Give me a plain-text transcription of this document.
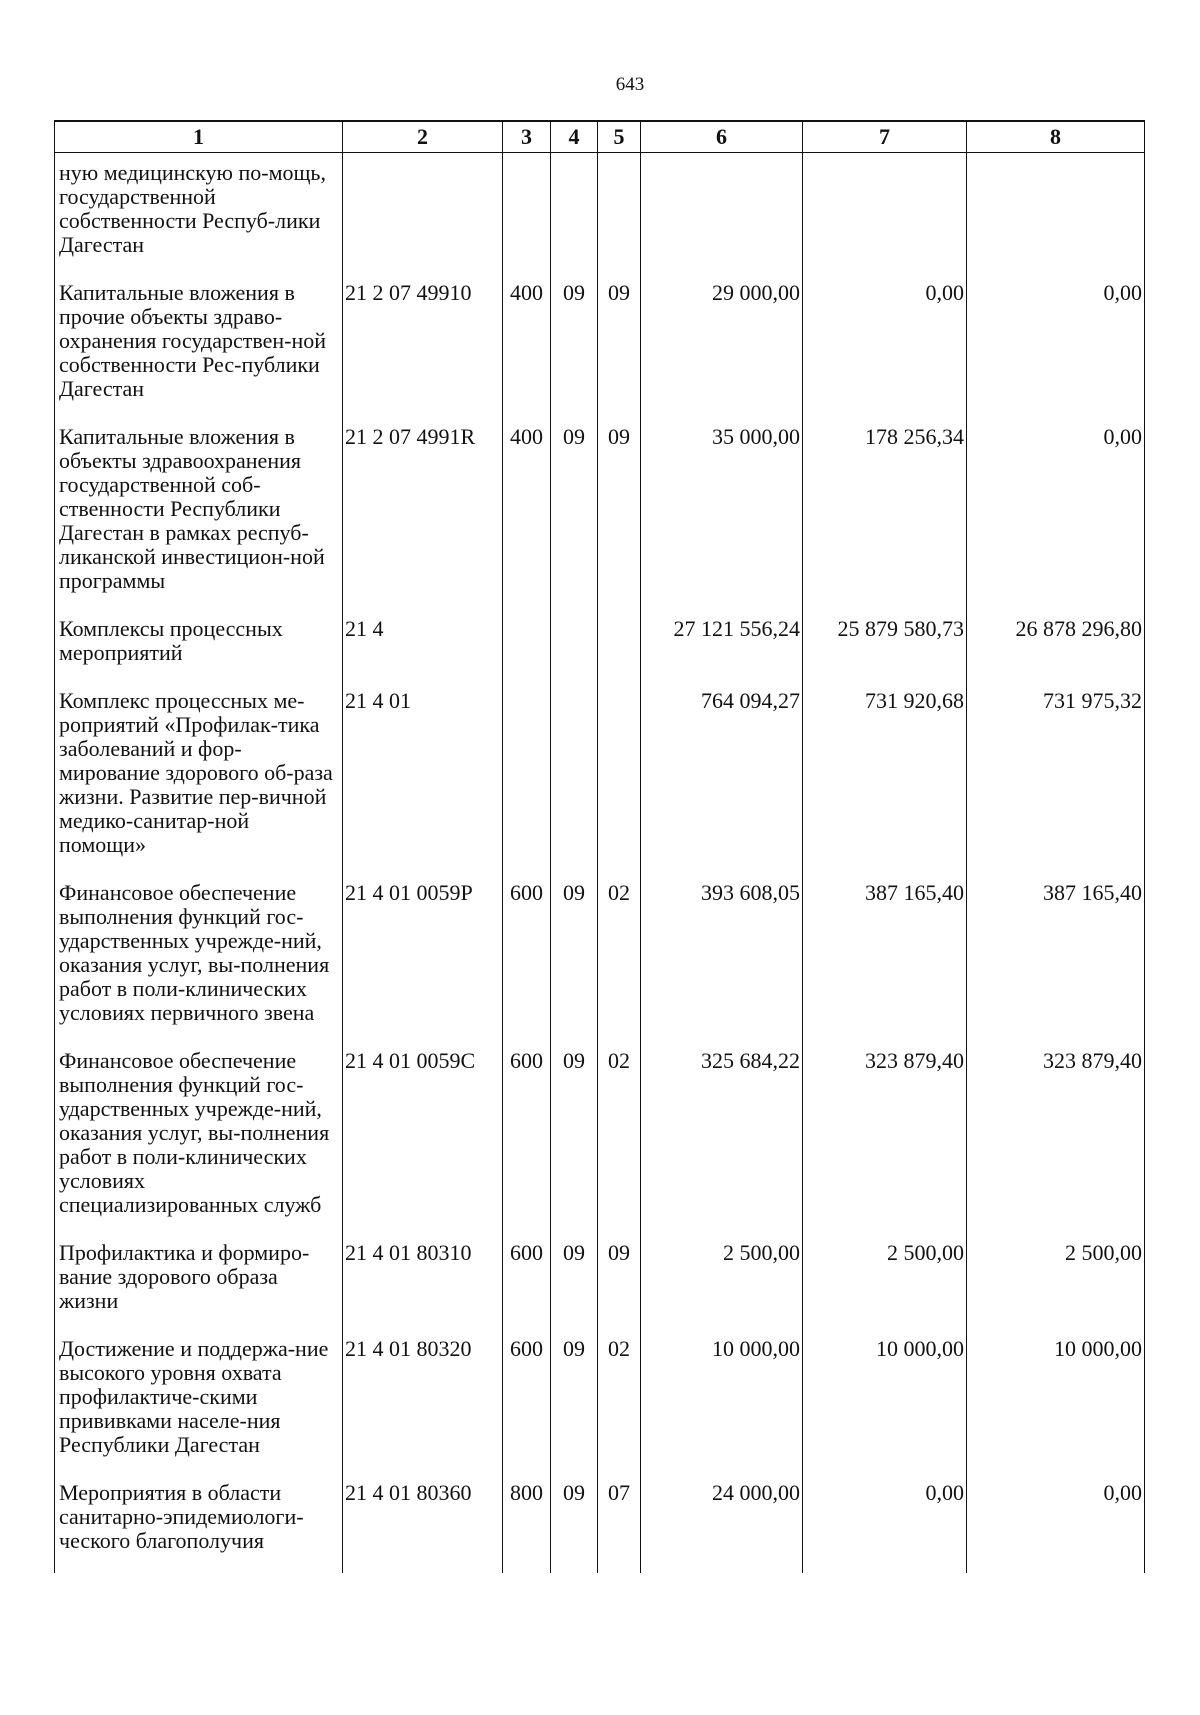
643
1	2	3	4	5	6	7	8
ную медицинскую по-мощь, государственной собственности Респуб-лики Дагестан							
Капитальные вложения в прочие объекты здраво-охранения государствен-ной собственности Рес-публики Дагестан	21 2 07 49910	400	09	09	29 000,00	0,00	0,00
Капитальные вложения в объекты здравоохранения государственной соб-ственности Республики Дагестан в рамках респуб-ликанской инвестицион-ной программы	21 2 07 4991R	400	09	09	35 000,00	178 256,34	0,00
Комплексы процессных мероприятий	21 4				27 121 556,24	25 879 580,73	26 878 296,80
Комплекс процессных ме-роприятий «Профилак-тика заболеваний и фор-мирование здорового об-раза жизни. Развитие пер-вичной медико-санитар-ной помощи»	21 4 01				764 094,27	731 920,68	731 975,32
Финансовое обеспечение выполнения функций гос-ударственных учрежде-ний, оказания услуг, вы-полнения работ в поли-клинических условиях первичного звена	21 4 01 0059P	600	09	02	393 608,05	387 165,40	387 165,40
Финансовое обеспечение выполнения функций гос-ударственных учрежде-ний, оказания услуг, вы-полнения работ в поли-клинических условиях специализированных служб	21 4 01 0059C	600	09	02	325 684,22	323 879,40	323 879,40
Профилактика и формиро-вание здорового образа жизни	21 4 01 80310	600	09	09	2 500,00	2 500,00	2 500,00
Достижение и поддержа-ние высокого уровня охвата профилактиче-скими прививками населе-ния Республики Дагестан	21 4 01 80320	600	09	02	10 000,00	10 000,00	10 000,00
Мероприятия в области санитарно-эпидемиологи-ческого благополучия	21 4 01 80360	800	09	07	24 000,00	0,00	0,00
